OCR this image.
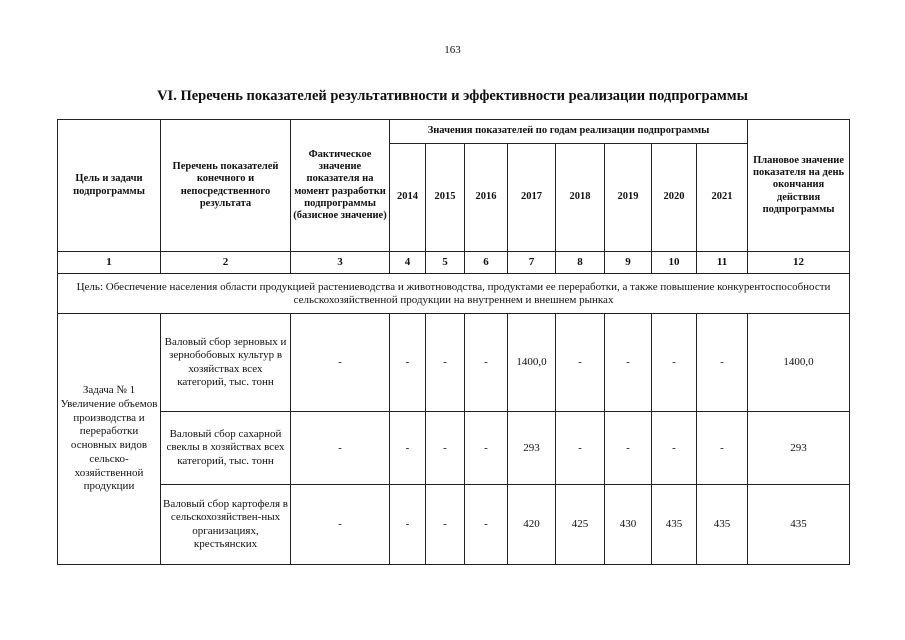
163
VI. Перечень показателей результативности и эффективности реализации подпрограммы
Цель и задачи подпрограммы	Перечень показателей конечного и непосредственного результата	Фактическое значение показателя на момент разработки подпрограммы (базисное значение)	Значения показателей по годам реализации подпрограммы								Плановое значение показателя на день окончания действия подпрограммы
			2014	2015	2016	2017	2018	2019	2020	2021	
1	2	3	4	5	6	7	8	9	10	11	12
Цель: Обеспечение населения области продукцией растениеводства и животноводства, продуктами ее переработки, а также повышение конкурентоспособности сельскохозяйственной продукции на внутреннем и внешнем рынках											
Задача № 1 Увеличение объемов производства и переработки основных видов сельско-хозяйственной продукции	Валовый сбор зерновых и зернобобовых культур в хозяйствах всех категорий, тыс. тонн	-	-	-	-	1400,0	-	-	-	-	1400,0
	Валовый сбор сахарной свеклы в хозяйствах всех категорий, тыс. тонн	-	-	-	-	293	-	-	-	-	293
	Валовый сбор картофеля в сельскохозяйствен-ных организациях, крестьянских	-	-	-	-	420	425	430	435	435	435
